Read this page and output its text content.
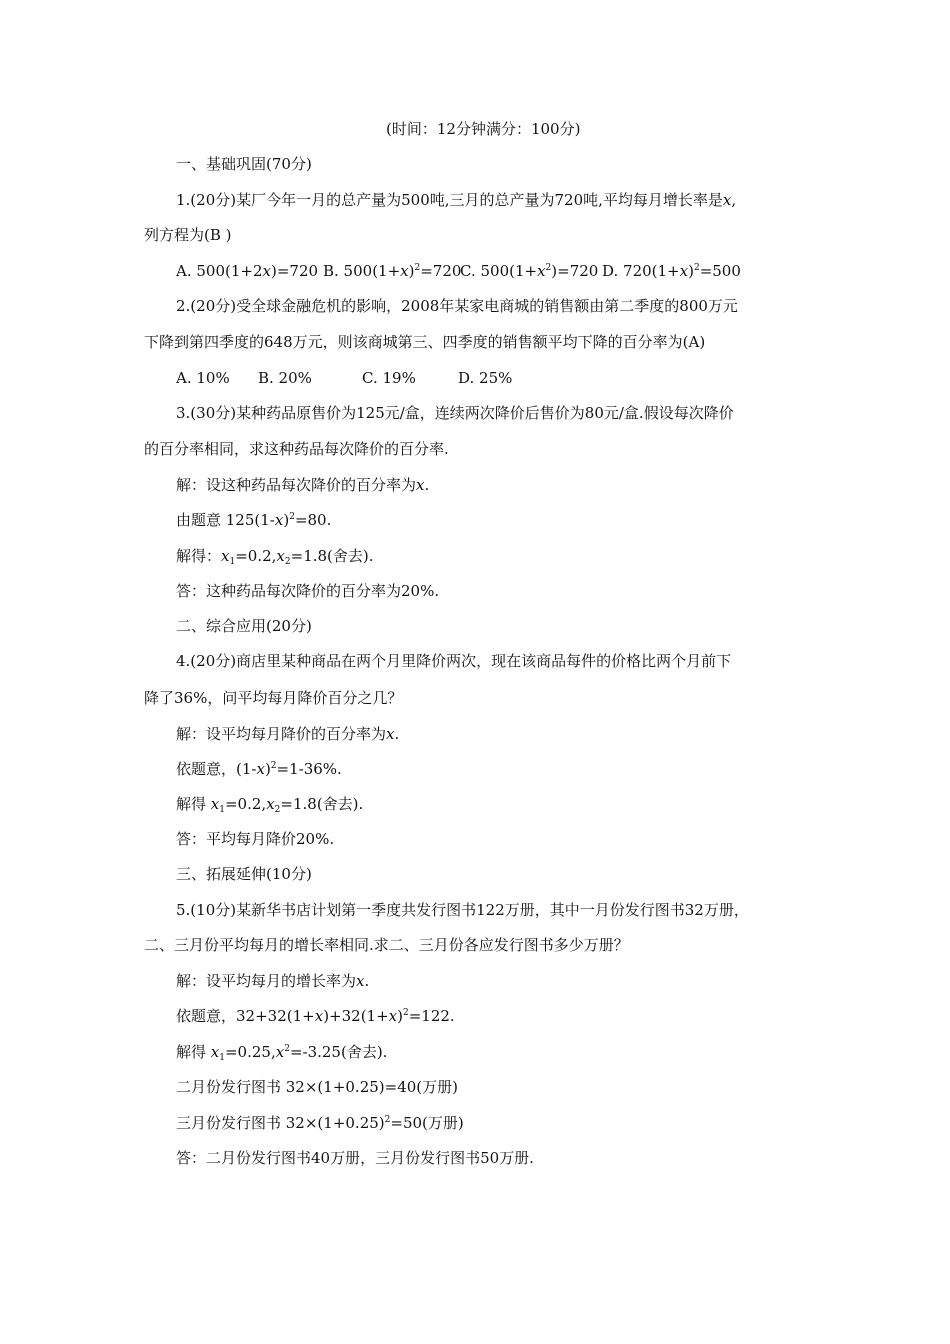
(时间：12分钟满分：100分)
一、基础巩固(70分)
1.(20分)某厂今年一月的总产量为500吨,三月的总产量为720吨,平均每月增长率是x,
列方程为(B )
A. 500(1+2x)=720 B. $500(1+x)^2=720$
C. $500(1+x^2)=720$ D. $720(1+x)^2=500$
2.(20分)受全球金融危机的影响，2008年某家电商城的销售额由第二季度的800万元
下降到第四季度的648万元，则该商城第三、四季度的销售额平均下降的百分率为(A)
A. 10% B. 20%	C. 19%	D. 25%
3.(30分)某种药品原售价为125元/盒，连续两次降价后售价为80元/盒.假设每次降价
的百分率相同，求这种药品每次降价的百分率.
解：设这种药品每次降价的百分率为x.
由题意 $125(1-x)^2=80$.
解得：$x_1=0.2,x_2=1.8$(舍去).
答：这种药品每次降价的百分率为20%.
二、综合应用(20分)
4.(20分)商店里某种商品在两个月里降价两次，现在该商品每件的价格比两个月前下
降了36%，问平均每月降价百分之几？
解：设平均每月降价的百分率为x.
依题意，$(1-x)^2=1-36\%$.
解得 $x_1=0.2,x_2=1.8$(舍去).
答：平均每月降价20%.
三、拓展延伸(10分)
5.(10分)某新华书店计划第一季度共发行图书122万册，其中一月份发行图书32万册，
二、三月份平均每月的增长率相同.求二、三月份各应发行图书多少万册？
解：设平均每月的增长率为x.
依题意，$32+32(1+x)+32(1+x)^2=122$.
解得 $x_1=0.25,x^2=-3.25$(舍去).
二月份发行图书 32×(1+0.25)=40(万册)
三月份发行图书 $32\times(1+0.25)^2=50$(万册)
答：二月份发行图书40万册，三月份发行图书50万册.
